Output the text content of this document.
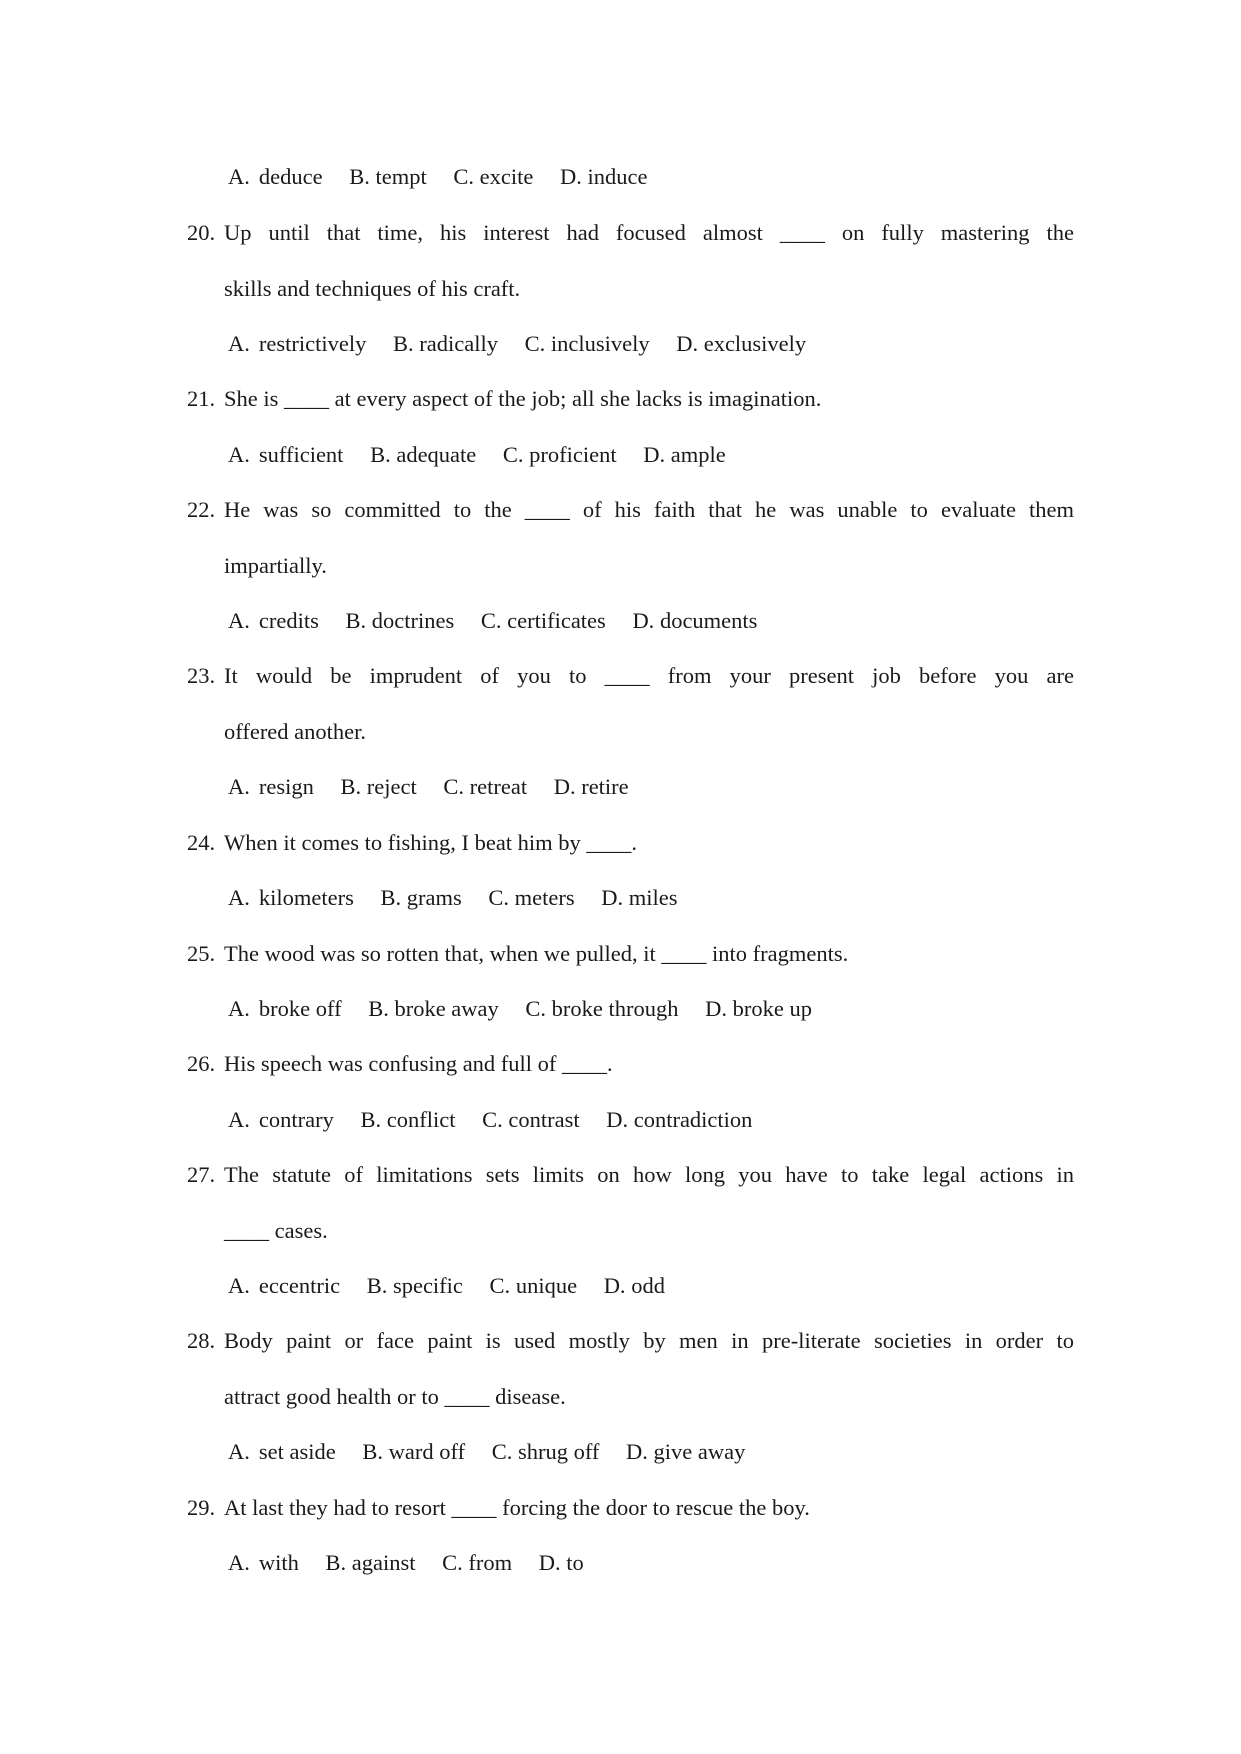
A. deduce B. tempt C. excite D. induce
20. Up until that time, his interest had focused almost ____ on fully mastering the
skills and techniques of his craft.
A. restrictively B. radically C. inclusively D. exclusively
21. She is ____ at every aspect of the job; all she lacks is imagination.
A. sufficient B. adequate C. proficient D. ample
22. He was so committed to the ____ of his faith that he was unable to evaluate them
impartially.
A. credits B. doctrines C. certificates D. documents
23. It would be imprudent of you to ____ from your present job before you are
offered another.
A. resign B. reject C. retreat D. retire
24. When it comes to fishing, I beat him by ____.
A. kilometers B. grams C. meters D. miles
25. The wood was so rotten that, when we pulled, it ____ into fragments.
A. broke off B. broke away C. broke through D. broke up
26. His speech was confusing and full of ____.
A. contrary B. conflict C. contrast D. contradiction
27. The statute of limitations sets limits on how long you have to take legal actions in
____ cases.
A. eccentric B. specific C. unique D. odd
28. Body paint or face paint is used mostly by men in pre-literate societies in order to
attract good health or to ____ disease.
A. set aside B. ward off C. shrug off D. give away
29. At last they had to resort ____ forcing the door to rescue the boy.
A. with B. against C. from D. to
